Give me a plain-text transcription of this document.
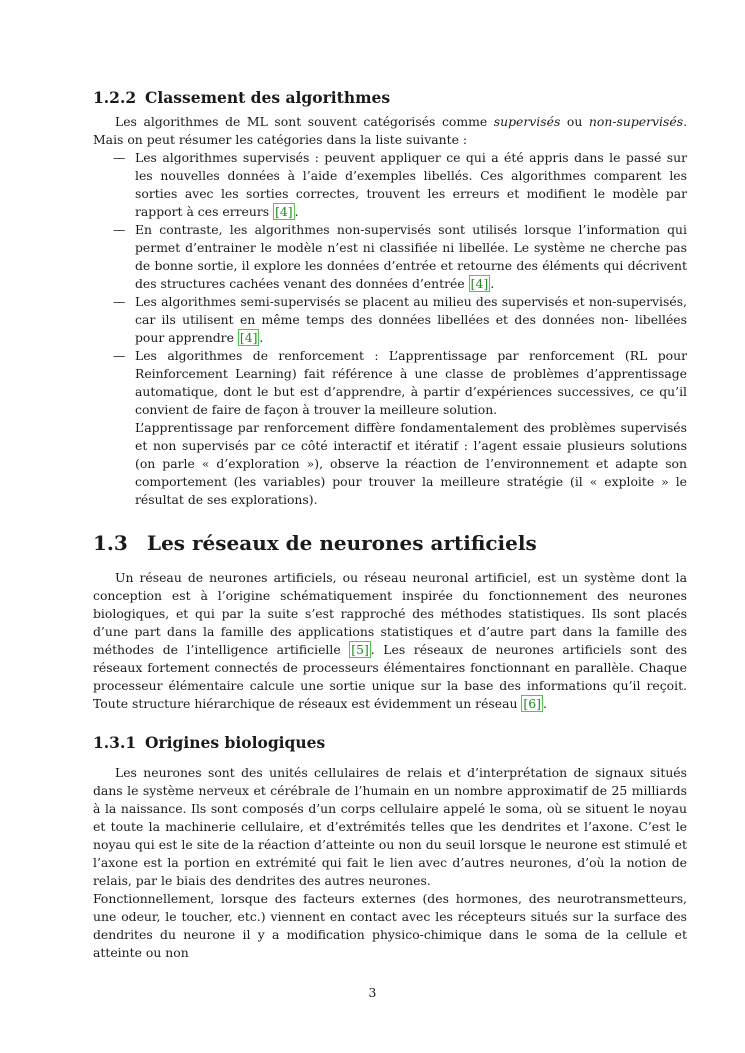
1.2.2 Classement des algorithmes

Les algorithmes de ML sont souvent catégorisés comme supervisés ou non-supervisés. Mais on peut résumer les catégories dans la liste suivante :

— Les algorithmes supervisés : peuvent appliquer ce qui a été appris dans le passé sur les nouvelles données à l’aide d’exemples libellés. Ces algorithmes comparent les sorties avec les sorties correctes, trouvent les erreurs et modifient le modèle par rapport à ces erreurs [4] .
— En contraste, les algorithmes non-supervisés sont utilisés lorsque l’information qui permet d’entrainer le modèle n’est ni classifiée ni libellée. Le système ne cherche pas de bonne sortie, il explore les données d’entrée et retourne des éléments qui décrivent des structures cachées venant des données d’entrée [4] .
— Les algorithmes semi-supervisés se placent au milieu des supervisés et non-supervisés, car ils utilisent en même temps des données libellées et des données non- libellées pour apprendre [4] .
— Les algorithmes de renforcement : L’apprentissage par renforcement (RL pour Reinforcement Learning) fait référence à une classe de problèmes d’apprentissage automatique, dont le but est d’apprendre, à partir d’expériences successives, ce qu’il convient de faire de façon à trouver la meilleure solution.
L’apprentissage par renforcement diffère fondamentalement des problèmes supervisés et non supervisés par ce côté interactif et itératif : l’agent essaie plusieurs solutions (on parle « d’exploration »), observe la réaction de l’environnement et adapte son comportement (les variables) pour trouver la meilleure stratégie (il « exploite » le résultat de ses explorations).
1.3 Les réseaux de neurones artificiels

Un réseau de neurones artificiels, ou réseau neuronal artificiel, est un système dont la conception est à l’origine schématiquement inspirée du fonctionnement des neurones biologiques, et qui par la suite s’est rapproché des méthodes statistiques. Ils sont placés d’une part dans la famille des applications statistiques et d’autre part dans la famille des méthodes de l’intelligence artificielle [5] . Les réseaux de neurones artificiels sont des réseaux fortement connectés de processeurs élémentaires fonctionnant en parallèle. Chaque processeur élémentaire calcule une sortie unique sur la base des informations qu’il reçoit. Toute structure hiérarchique de réseaux est évidemment un réseau [6] .

1.3.1 Origines biologiques

Les neurones sont des unités cellulaires de relais et d’interprétation de signaux situés dans le système nerveux et cérébrale de l’humain en un nombre approximatif de 25 milliards à la naissance. Ils sont composés d’un corps cellulaire appelé le soma, où se situent le noyau et toute la machinerie cellulaire, et d’extrémités telles que les dendrites et l’axone. C’est le noyau qui est le site de la réaction d’atteinte ou non du seuil lorsque le neurone est stimulé et l’axone est la portion en extrémité qui fait le lien avec d’autres neurones, d’où la notion de relais, par le biais des dendrites des autres neurones.

Fonctionnellement, lorsque des facteurs externes (des hormones, des neurotransmetteurs, une odeur, le toucher, etc.) viennent en contact avec les récepteurs situés sur la surface des dendrites du neurone il y a modification physico-chimique dans le soma de la cellule et atteinte ou non

3
